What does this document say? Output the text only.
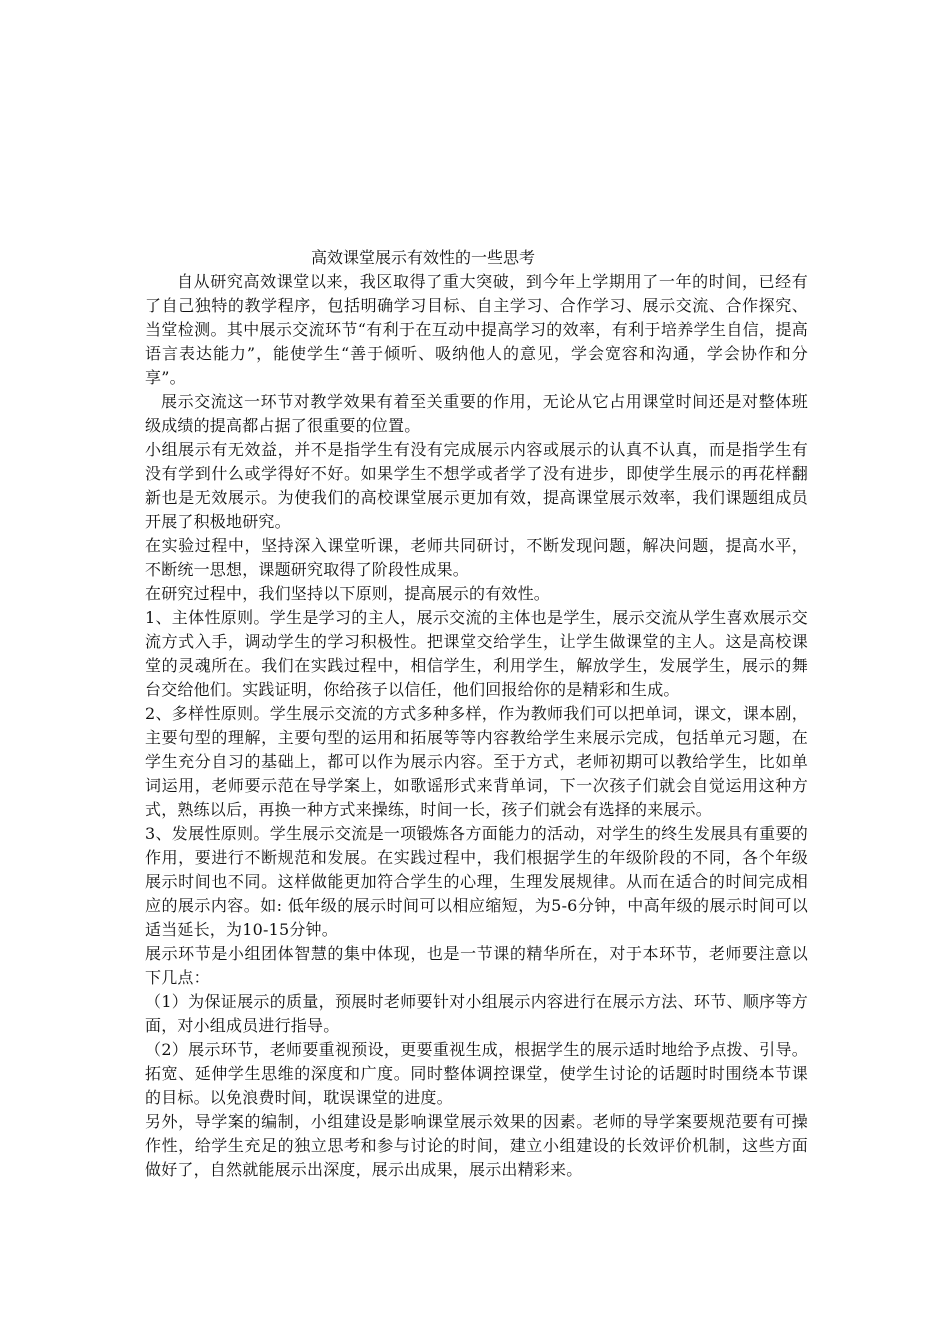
高效课堂展示有效性的一些思考

自从研究高效课堂以来，我区取得了重大突破，到今年上学期用了一年的时间，已经有了自己独特的教学程序，包括明确学习目标、自主学习、合作学习、展示交流、合作探究、当堂检测。其中展示交流环节“有利于在互动中提高学习的效率，有利于培养学生自信，提高语言表达能力”，能使学生“善于倾听、吸纳他人的意见，学会宽容和沟通，学会协作和分享”。

展示交流这一环节对教学效果有着至关重要的作用，无论从它占用课堂时间还是对整体班级成绩的提高都占据了很重要的位置。

小组展示有无效益，并不是指学生有没有完成展示内容或展示的认真不认真，而是指学生有没有学到什么或学得好不好。如果学生不想学或者学了没有进步，即使学生展示的再花样翻新也是无效展示。为使我们的高校课堂展示更加有效，提高课堂展示效率，我们课题组成员开展了积极地研究。

在实验过程中，坚持深入课堂听课，老师共同研讨，不断发现问题，解决问题，提高水平，不断统一思想，课题研究取得了阶段性成果。

在研究过程中，我们坚持以下原则，提高展示的有效性。

1、主体性原则。学生是学习的主人，展示交流的主体也是学生，展示交流从学生喜欢展示交流方式入手，调动学生的学习积极性。把课堂交给学生，让学生做课堂的主人。这是高校课堂的灵魂所在。我们在实践过程中，相信学生，利用学生，解放学生，发展学生，展示的舞台交给他们。实践证明，你给孩子以信任，他们回报给你的是精彩和生成。

2、多样性原则。学生展示交流的方式多种多样，作为教师我们可以把单词，课文，课本剧，主要句型的理解，主要句型的运用和拓展等等内容教给学生来展示完成，包括单元习题，在学生充分自习的基础上，都可以作为展示内容。至于方式，老师初期可以教给学生，比如单词运用，老师要示范在导学案上，如歌谣形式来背单词，下一次孩子们就会自觉运用这种方式，熟练以后，再换一种方式来操练，时间一长，孩子们就会有选择的来展示。

3、发展性原则。学生展示交流是一项锻炼各方面能力的活动，对学生的终生发展具有重要的作用，要进行不断规范和发展。在实践过程中，我们根据学生的年级阶段的不同，各个年级展示时间也不同。这样做能更加符合学生的心理，生理发展规律。从而在适合的时间完成相应的展示内容。如: 低年级的展示时间可以相应缩短，为5-6分钟，中高年级的展示时间可以适当延长，为10-15分钟。

展示环节是小组团体智慧的集中体现，也是一节课的精华所在，对于本环节，老师要注意以下几点：

（1）为保证展示的质量，预展时老师要针对小组展示内容进行在展示方法、环节、顺序等方面，对小组成员进行指导。

（2）展示环节，老师要重视预设，更要重视生成，根据学生的展示适时地给予点拨、引导。拓宽、延伸学生思维的深度和广度。同时整体调控课堂，使学生讨论的话题时时围绕本节课的目标。以免浪费时间，耽误课堂的进度。

另外，导学案的编制，小组建设是影响课堂展示效果的因素。老师的导学案要规范要有可操作性，给学生充足的独立思考和参与讨论的时间，建立小组建设的长效评价机制，这些方面做好了，自然就能展示出深度，展示出成果，展示出精彩来。
